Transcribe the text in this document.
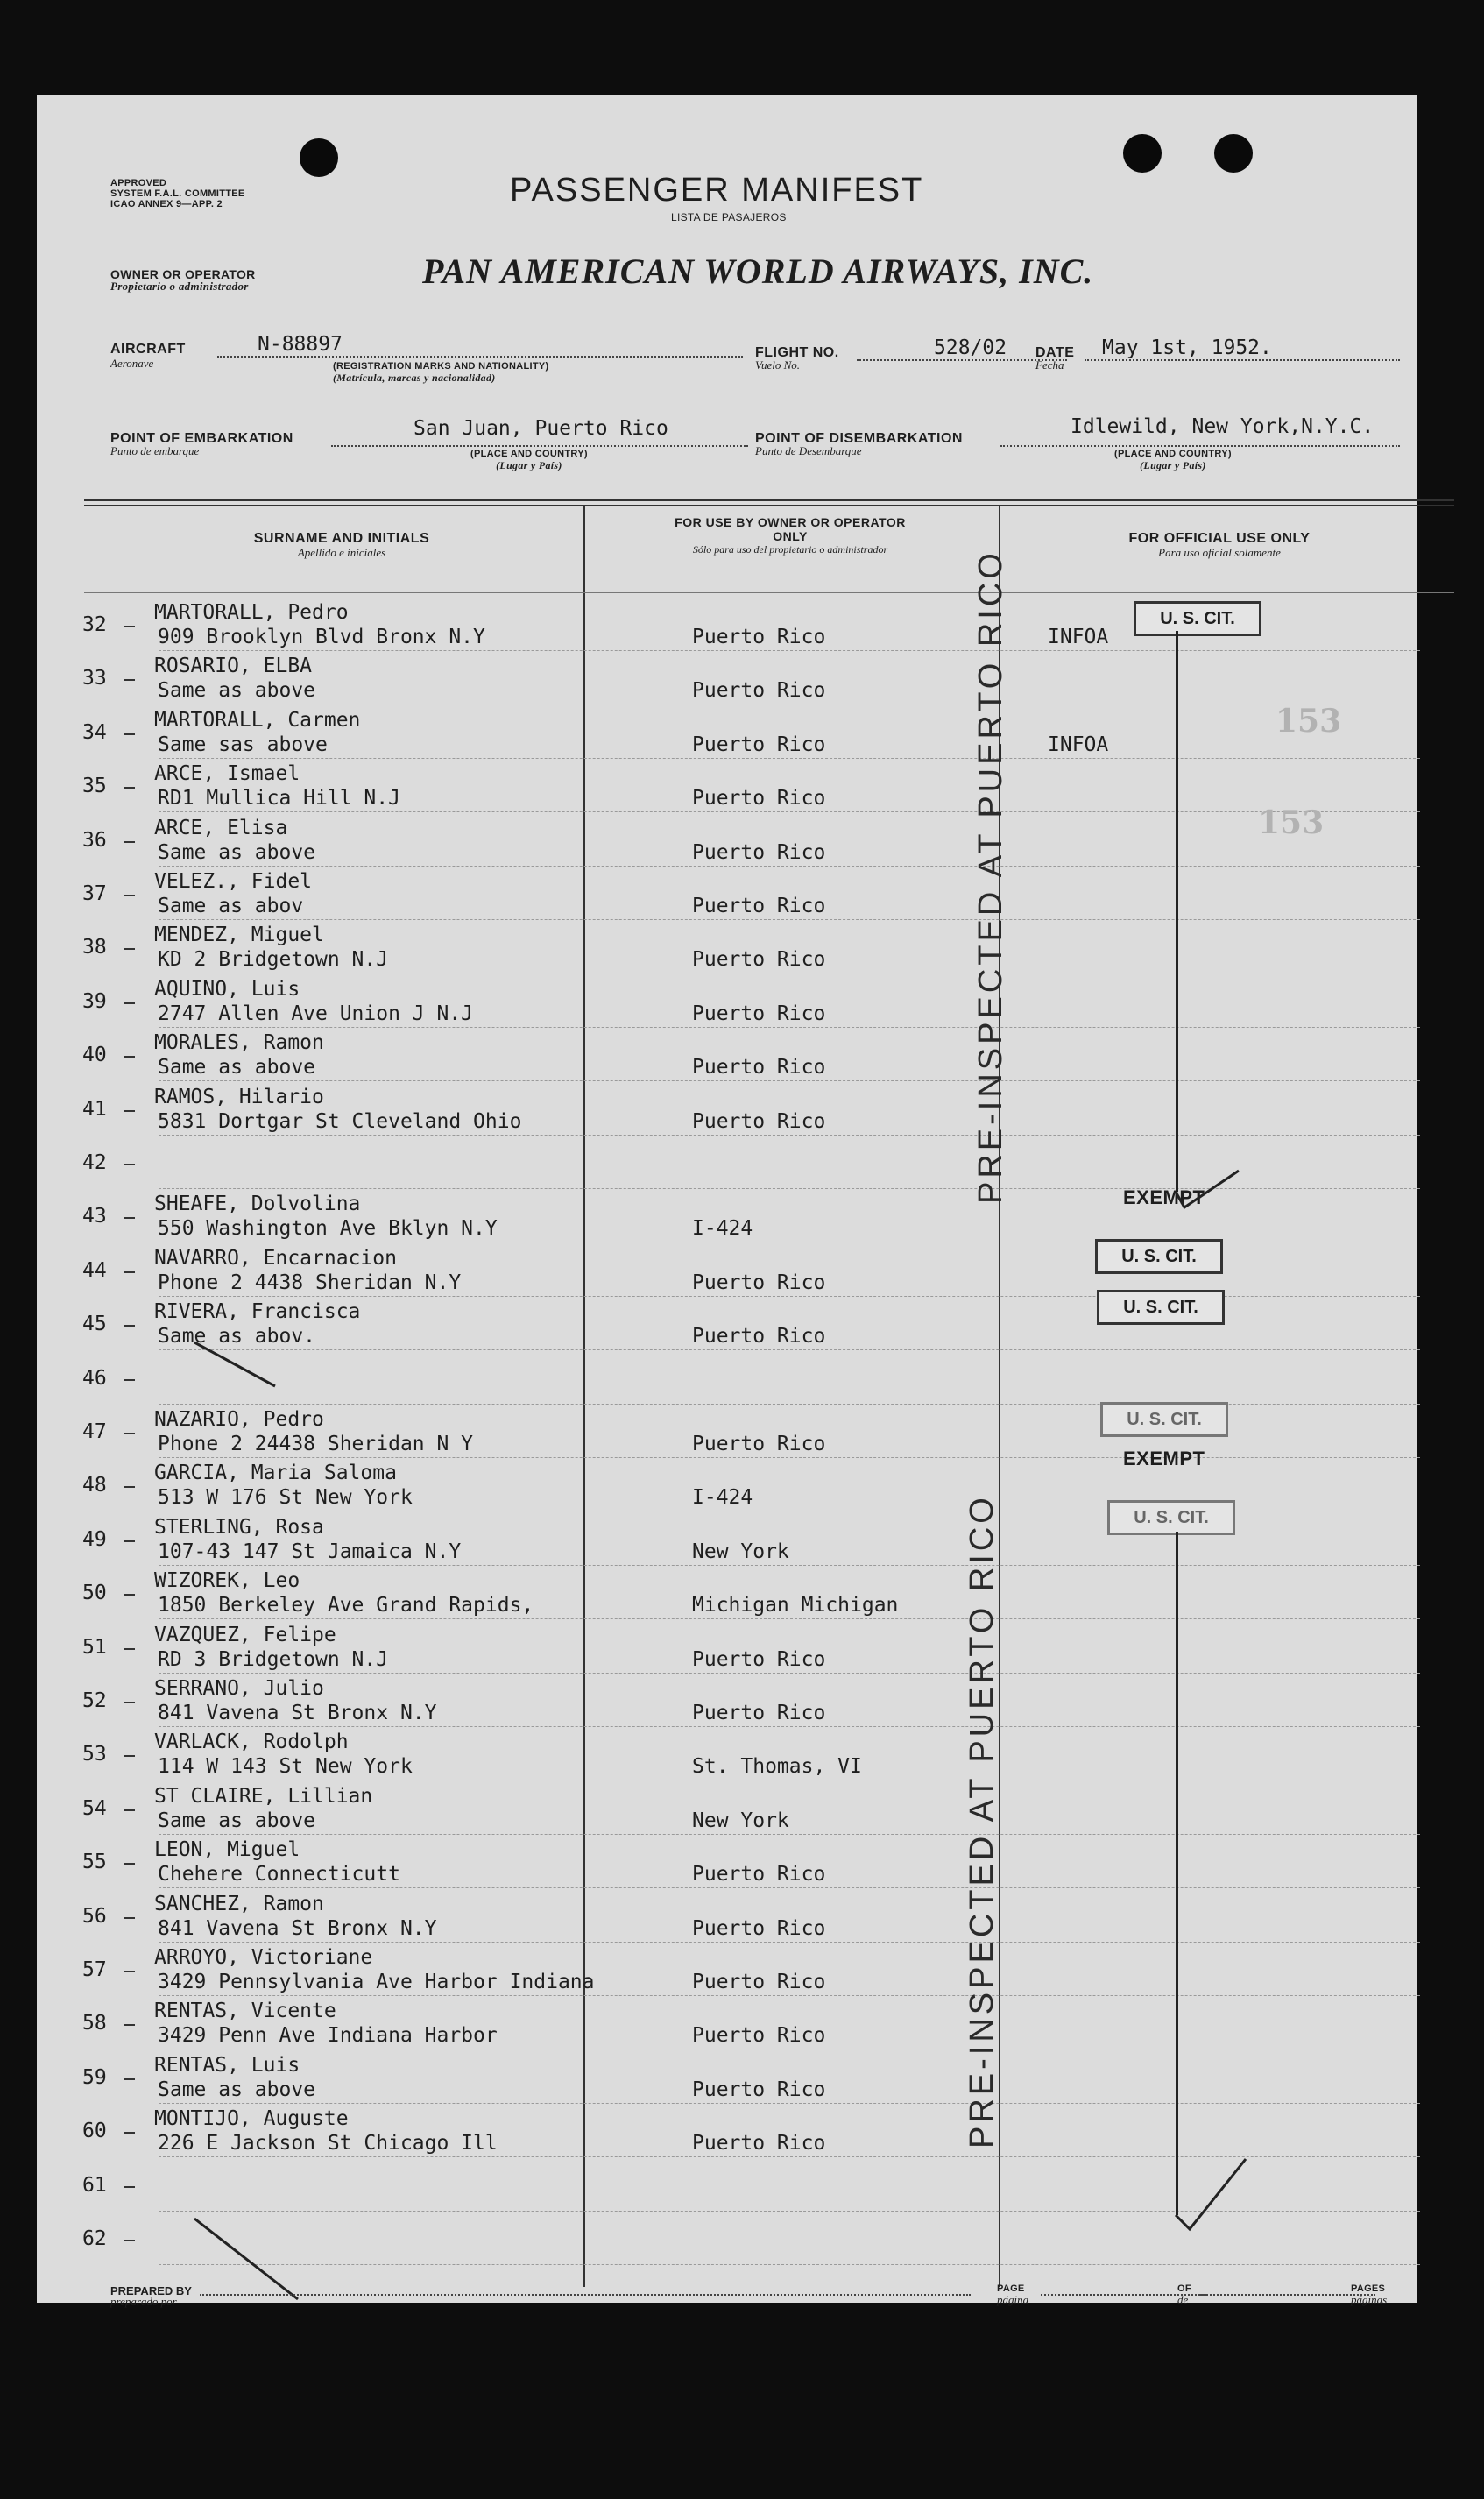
APPROVED
SYSTEM F.A.L. COMMITTEE
ICAO ANNEX 9—APP. 2	PASSENGER MANIFEST
LISTA DE PASAJEROS
OWNER OR OPERATOR
Propietario o administrador	PAN AMERICAN WORLD AIRWAYS, INC.
AIRCRAFT
Aeronave
N-88897
(REGISTRATION MARKS AND NATIONALITY)
(Matrícula, marcas y nacionalidad)
FLIGHT NO.
Vuelo No.
528/02 DATE
Fecha
May 1st, 1952.
POINT OF EMBARKATION
Punto de embarque
San Juan, Puerto Rico
(PLACE AND COUNTRY)
(Lugar y País)
POINT OF DISEMBARKATION
Punto de Desembarque
Idlewild, New York,N.Y.C.
(PLACE AND COUNTRY)
(Lugar y País)
SURNAME AND INITIALS
Apellido e iniciales
FOR USE BY OWNER OR OPERATOR ONLY
Sólo para uso del propietario o administrador
FOR OFFICIAL USE ONLY
Para uso oficial solamente
32
MARTORALL, Pedro
909 Brooklyn Blvd Bronx N.Y	Puerto Rico	INFOA
33
ROSARIO, ELBA
Same as above	Puerto Rico
34
MARTORALL, Carmen
Same sas above	Puerto Rico	INFOA
35
ARCE, Ismael
RD1 Mullica Hill N.J	Puerto Rico
36
ARCE, Elisa
Same as above	Puerto Rico
37
VELEZ., Fidel
Same as abov	Puerto Rico
38
MENDEZ, Miguel
KD 2 Bridgetown N.J	Puerto Rico
39
AQUINO, Luis
2747 Allen Ave Union J N.J	Puerto Rico
40
MORALES, Ramon
Same as above	Puerto Rico
41
RAMOS, Hilario
5831 Dortgar St Cleveland Ohio	Puerto Rico
42
43
SHEAFE, Dolvolina
550 Washington Ave Bklyn N.Y	I-424
44
NAVARRO, Encarnacion
Phone 2 4438 Sheridan N.Y	Puerto Rico
45
RIVERA, Francisca
Same as abov.	Puerto Rico
46
47
NAZARIO, Pedro
Phone 2 24438 Sheridan N Y	Puerto Rico
48
GARCIA, Maria Saloma
513 W 176 St New York	I-424
49
STERLING, Rosa
107-43 147 St Jamaica N.Y	New York
50
WIZOREK, Leo
1850 Berkeley Ave Grand Rapids,	Michigan Michigan
51
VAZQUEZ, Felipe
RD 3 Bridgetown N.J	Puerto Rico
52
SERRANO, Julio
841 Vavena St Bronx N.Y	Puerto Rico
53
VARLACK, Rodolph
114 W 143 St New York	St. Thomas, VI
54
ST CLAIRE, Lillian
Same as above	New York
55
LEON, Miguel
Chehere Connecticutt	Puerto Rico
56
SANCHEZ, Ramon
841 Vavena St Bronx N.Y	Puerto Rico
57
ARROYO, Victoriane
3429 Pennsylvania Ave Harbor Indiana	Puerto Rico
58
RENTAS, Vicente
3429 Penn Ave Indiana Harbor	Puerto Rico
59
RENTAS, Luis
Same as above	Puerto Rico
60
MONTIJO, Auguste
226 E Jackson St Chicago Ill	Puerto Rico
61
62
PRE-INSPECTED AT PUERTO RICO
PRE-INSPECTED AT PUERTO RICO
U. S. CIT.
153
153
EXEMPT
U. S. CIT.
U. S. CIT.
U. S. CIT.
EXEMPT
U. S. CIT.
PREPARED BY
preparado por
PAGE
página
OF
de
PAGES
páginas
